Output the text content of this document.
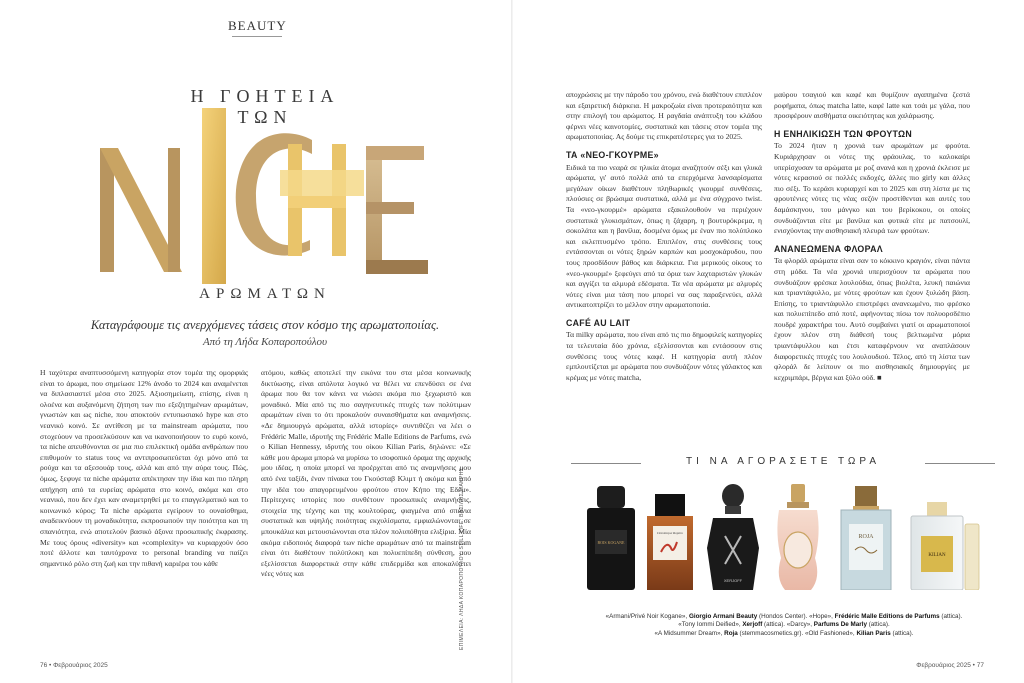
BEAUTY
Η ΓΟΗΤΕΙΑ ΤΩΝ
ΑΡΩΜΑΤΩΝ
Καταγράφουμε τις ανερχόμενες τάσεις στον κόσμο της αρωματοποιίας.
Από τη Λήδα Κοπαροπούλου

Η ταχύτερα αναπτυσσόμενη κατηγορία στον τομέα της ομορφιάς είναι το άρωμα, που σημείωσε 12% άνοδο το 2024 και αναμένεται να διπλασιαστεί μέσα στο 2025. Αξιοσημείωτη, επίσης, είναι η ολοένα και αυξανόμενη ζήτηση των πιο εξεζητημένων αρωμάτων, γνωστών και ως niche, που αποκτούν εντυπωσιακό hype και στο νεανικό κοινό. Σε αντίθεση με τα mainstream αρώματα, που στοχεύουν να προσελκύσουν και να ικανοποιήσουν το ευρύ κοινό, τα niche απευθύνονται σε μια πιο επιλεκτική ομάδα ανθρώπων που επιθυμούν το status τους να αντιπροσωπεύεται όχι μόνο από τα ρούχα και τα αξεσουάρ τους, αλλά και από την αύρα τους. Πώς, όμως, ξεφυγε τα niche αρώματα απέκτησαν την ίδια και πιο πληρη απήχηση από τα ευρείας αρώματα στο κοινό, ακόμα και στο νεανικό, που δεν έχει καν αναμετρηθεί με το επαγγελματικό και το κοινωνικό κύρος; Τα niche αρώματα εγείρουν το ουναίσθημα, αναδεικνύουν τη μοναδικότητα, εκπροσωπούν την ποιότητα και τη σπανιότητα, ενώ αποτελούν βασικό άξονα προσωπικής έκφρασης. Με τους όρους «diversity» και «complexity» να κυριαρχούν όσο ποτέ άλλοτε και ταυτόχρονα το personal branding να παίζει σημαντικό ρόλο στη ζωή και την πιθανή καριέρα του κάθε

ατόμου, καθώς αποτελεί την εικόνα του στα μέσα κοινωνικής δικτύωσης, είναι απόλυτα λογικό να θέλει να επενδύσει σε ένα άρωμα που θα τον κάνει να νιώσει ακόμα πιο ξεχωριστό και μοναδικό. Μία από τις πιο σαγηνευτικές πτυχές των πολύτιμων αρωμάτων είναι το ότι προκαλούν συναισθήματα και αναμνήσεις. «Δε δημιουργώ αρώματα, αλλά ιστορίες» συντιθέζει να λέει ο Frédéric Malle, ιδρυτής της Frédéric Malle Editions de Parfums, ενώ ο Kilian Hennessy, ιδρυτής του οίκου Kilian Paris, δηλώνει: «Σε κάθε μου άρωμα μπορώ να μυρίσω το ισοφοπικό όραμα της αρχικής μου ιδέας, η οποία μπορεί να προέρχεται από τις αναμνήσεις μου από ένα ταξίδι, έναν πίνακα του Γκούσταβ Κλιμτ ή ακόμα και από την ιδέα του απαγορευμένου φρούτου στον Κήπο της Εδέμ». Περίτεχνες ιστορίες που συνθέτουν προσωπικές αναμνήσεις, στοιχεία της τέχνης και της κουλτούρας, φιαγμένα από σπάνια συστατικά και υψηλής ποιότητας εκχυλίσματα, εμφιαλώνονται σε μπουκάλια και μετουσιώνονται στα πλέον πολυπόθητα ελιξίρια. Μία ακόμα ειδοποιός διαφορά των niche αρωμάτων από τα mainstream είναι ότι διαθέτουν πολύπλοκη και πολυεπίπεδη σύνθεση, που εξελίσσεται διαφορετικά στην κάθε επιδερμίδα και αποκαλύπτει νέες νότες και	ΕΠΙΜΕΛΕΙΑ: ΛΗΔΑ ΚΟΠΑΡΟΠΟΥΛΟΥ. STILL LIFE: ΒΑΣΙΛΗΣ ΜΑΚΡΗΣ
76 • Φεβρουάριος 2025

αποχρώσεις με την πάροδο του χρόνου, ενώ διαθέτουν επιπλέον και εξαιρετική διάρκεια. Η μακροζωία είναι προτεραιότητα και στην επιλογή του αρώματος. Η ραγδαία ανάπτυξη του κλάδου φέρνει νέες καινοτομίες, συστατικά και τάσεις στον τομέα της αρωματοποιίας. Ας δούμε τις επικρατέστερες για το 2025.

ΤΑ «ΝΕΟ-ΓΚΟΥΡΜΕ»

Ειδικά τα πιο νεαρά σε ηλικία άτομα αναζητούν σέξι και γλυκά αρώματα, γι' αυτό πολλά από τα επερχόμενα λανσαρίσματα μεγάλων οίκων διαθέτουν πληθωρικές γκουρμέ συνθέσεις, πλούσιες σε βρώσιμα συστατικά, αλλά με ένα σύγχρονο twist. Τα «νεο-γκουρμέ» αρώματα εξακολουθούν να περιέχουν συστατικά γλυκισμάτων, όπως η ζάχαρη, η βουτυρόκρεμα, η σοκολάτα και η βανίλια, δοσμένα όμως με έναν πιο πολύπλοκο και εκλεπτυσμένο τρόπο. Επιπλέον, στις συνθέσεις τους εντάσσονται οι νότες ξηρών καρπών και μοσχοκάρυδου, που τους προσδίδουν βάθος και διάρκεια. Για μερικούς οίκους το «νεο-γκουρμέ» ξεφεύγει από τα όρια των λαχταριστών γλυκών και αγγίζει τα αλμυρά εδέσματα. Τα νέα αρώματα με αλμυρές νότες είναι μια τάση που μπορεί να σας παραξενεύει, αλλά αντικατοπτρίζει το μέλλον στην αρωματοποιία.

CAFÉ AU LAIT

Τα milky αρώματα, που είναι από τις πιο δημοφιλείς κατηγορίες τα τελευταία δύο χρόνια, εξελίσσονται και εντάσσουν στις συνθέσεις τους νότες καφέ. Η κατηγορία αυτή πλέον εμπλουτίζεται με αρώματα που συνδυάζουν νότες γάλακτος και κρέμας με νότες matcha,

μαύρου τσαγιού και καφέ και θυμίζουν αγαπημένα ζεστά ροφήματα, όπως matcha latte, καφέ latte και τσάι με γάλα, που προσφέρουν αισθήματα οικειότητας και χαλάρωσης.

Η ΕΝΗΛΙΚΙΩΣΗ ΤΩΝ ΦΡΟΥΤΩΝ

Το 2024 ήταν η χρονιά των αρωμάτων με φρούτα. Κυριάρχησαν οι νότες της φράουλας, το καλοκαίρι υπερίσχυσαν τα αρώματα με ροζ ανανά και η χρονιά έκλεισε με νότες κερασιού σε πολλές εκδοχές, άλλες πιο girly και άλλες πιο σέξι. Το κεράσι κυριαρχεί και το 2025 και στη λίστα με τις φρουτένιες νότες τις νέας σεζόν προστίθενται και αυτές του δαμάσκηνου, του μάνγκο και του βερίκοκου, οι οποίες συνδυάζονται είτε με βανίλια και φυτικά είτε με πατσουλί, ενισχύοντας την αισθησιακή πλευρά των φρούτων.

ΑΝΑΝΕΩΜΕΝΑ ΦΛΟΡΑΛ

Τα φλοράλ αρώματα είναι σαν το κόκκινο κραγιόν, είναι πάντα στη μόδα. Τα νέα χρονιά υπερισχύουν τα αρώματα που συνδυάζουν φρέσκα λουλούδια, όπως βιολέτα, λευκή παιώνια και τριαντάφυλλο, με νότες φρούτων και έχουν ξυλώδη βάση. Επίσης, το τριαντάφυλλο επιστρέφει ανανεωμένο, πιο φρέσκο και πολυεπίπεδο από ποτέ, αφήνοντας πίσω τον πολυορσδέπιο πουδρέ χαρακτήρα του. Αυτό συμβαίνει γιατί οι αρωματοποιοί έχουν πλέον στη διάθεσή τους βελτιωμένα μόρια τριαντάφυλλου και έτσι καταφέρνουν να αναπλάσουν διαφορετικές πτυχές του λουλουδιού. Τέλος, από τη λίστα των φλοράλ δε λείπουν οι πιο αισθησιακές δημιουργίες με κεχριμπάρι, βέργια και ξύλο ούδ. ■

ΤΙ ΝΑ ΑΓΟΡΑΣΕΤΕ ΤΩΡΑ
BOIS KOGANE
Dominique Ropion
XERJOFF
ROJA
KILIAN
«Armani/Privé Noir Kogane», Giorgio Armani Beauty (Hondos Center). «Hope», Frédéric Malle Editions de Parfums (attica).
«Tony Iommi Deified», Xerjoff (attica). «Darcy», Parfums De Marly (attica).
«A Midsummer Dream», Roja (stemmacosmetics.gr). «Old Fashioned», Kilian Paris (attica).
Φεβρουάριος 2025 • 77
